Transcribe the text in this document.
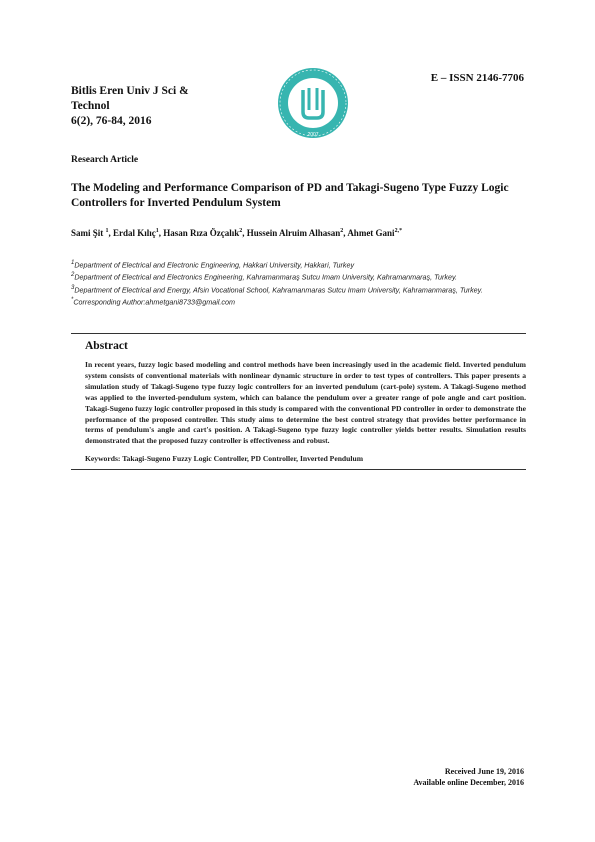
Bitlis Eren Univ J Sci &
Technol
6(2), 76-84, 2016
2007
E – ISSN 2146-7706
Research Article
The Modeling and Performance Comparison of PD and Takagi-Sugeno Type Fuzzy Logic Controllers for Inverted Pendulum System
Sami Şit $^1$, Erdal Kılıç$^1$, Hasan Rıza Özçalık$^2$, Hussein Alruim Alhasan$^2$, Ahmet Gani$^{2,*}$
$^1$Department of Electrical and Electronic Engineering, Hakkari University, Hakkari, Turkey
$^2$Department of Electrical and Electronics Engineering, Kahramanmaraş Sutcu Imam University, Kahramanmaraş, Turkey.
$^3$Department of Electrical and Energy, Afsin Vocational School, Kahramanmaras Sutcu Imam University, Kahramanmaraş, Turkey.
*Corresponding Author:ahmetgani8733@gmail.com
Abstract
In recent years, fuzzy logic based modeling and control methods have been increasingly used in the academic field. Inverted pendulum system consists of conventional materials with nonlinear dynamic structure in order to test types of controllers. This paper presents a simulation study of Takagi-Sugeno type fuzzy logic controllers for an inverted pendulum (cart-pole) system. A Takagi-Sugeno method was applied to the inverted-pendulum system, which can balance the pendulum over a greater range of pole angle and cart position. Takagi-Sugeno fuzzy logic controller proposed in this study is compared with the conventional PD controller in order to demonstrate the performance of the proposed controller. This study aims to determine the best control strategy that provides better performance in terms of pendulum's angle and cart's position. A Takagi-Sugeno type fuzzy logic controller yields better results. Simulation results demonstrated that the proposed fuzzy controller is effectiveness and robust.
Keywords: Takagi-Sugeno Fuzzy Logic Controller, PD Controller, Inverted Pendulum
Received June 19, 2016
Available online December, 2016
